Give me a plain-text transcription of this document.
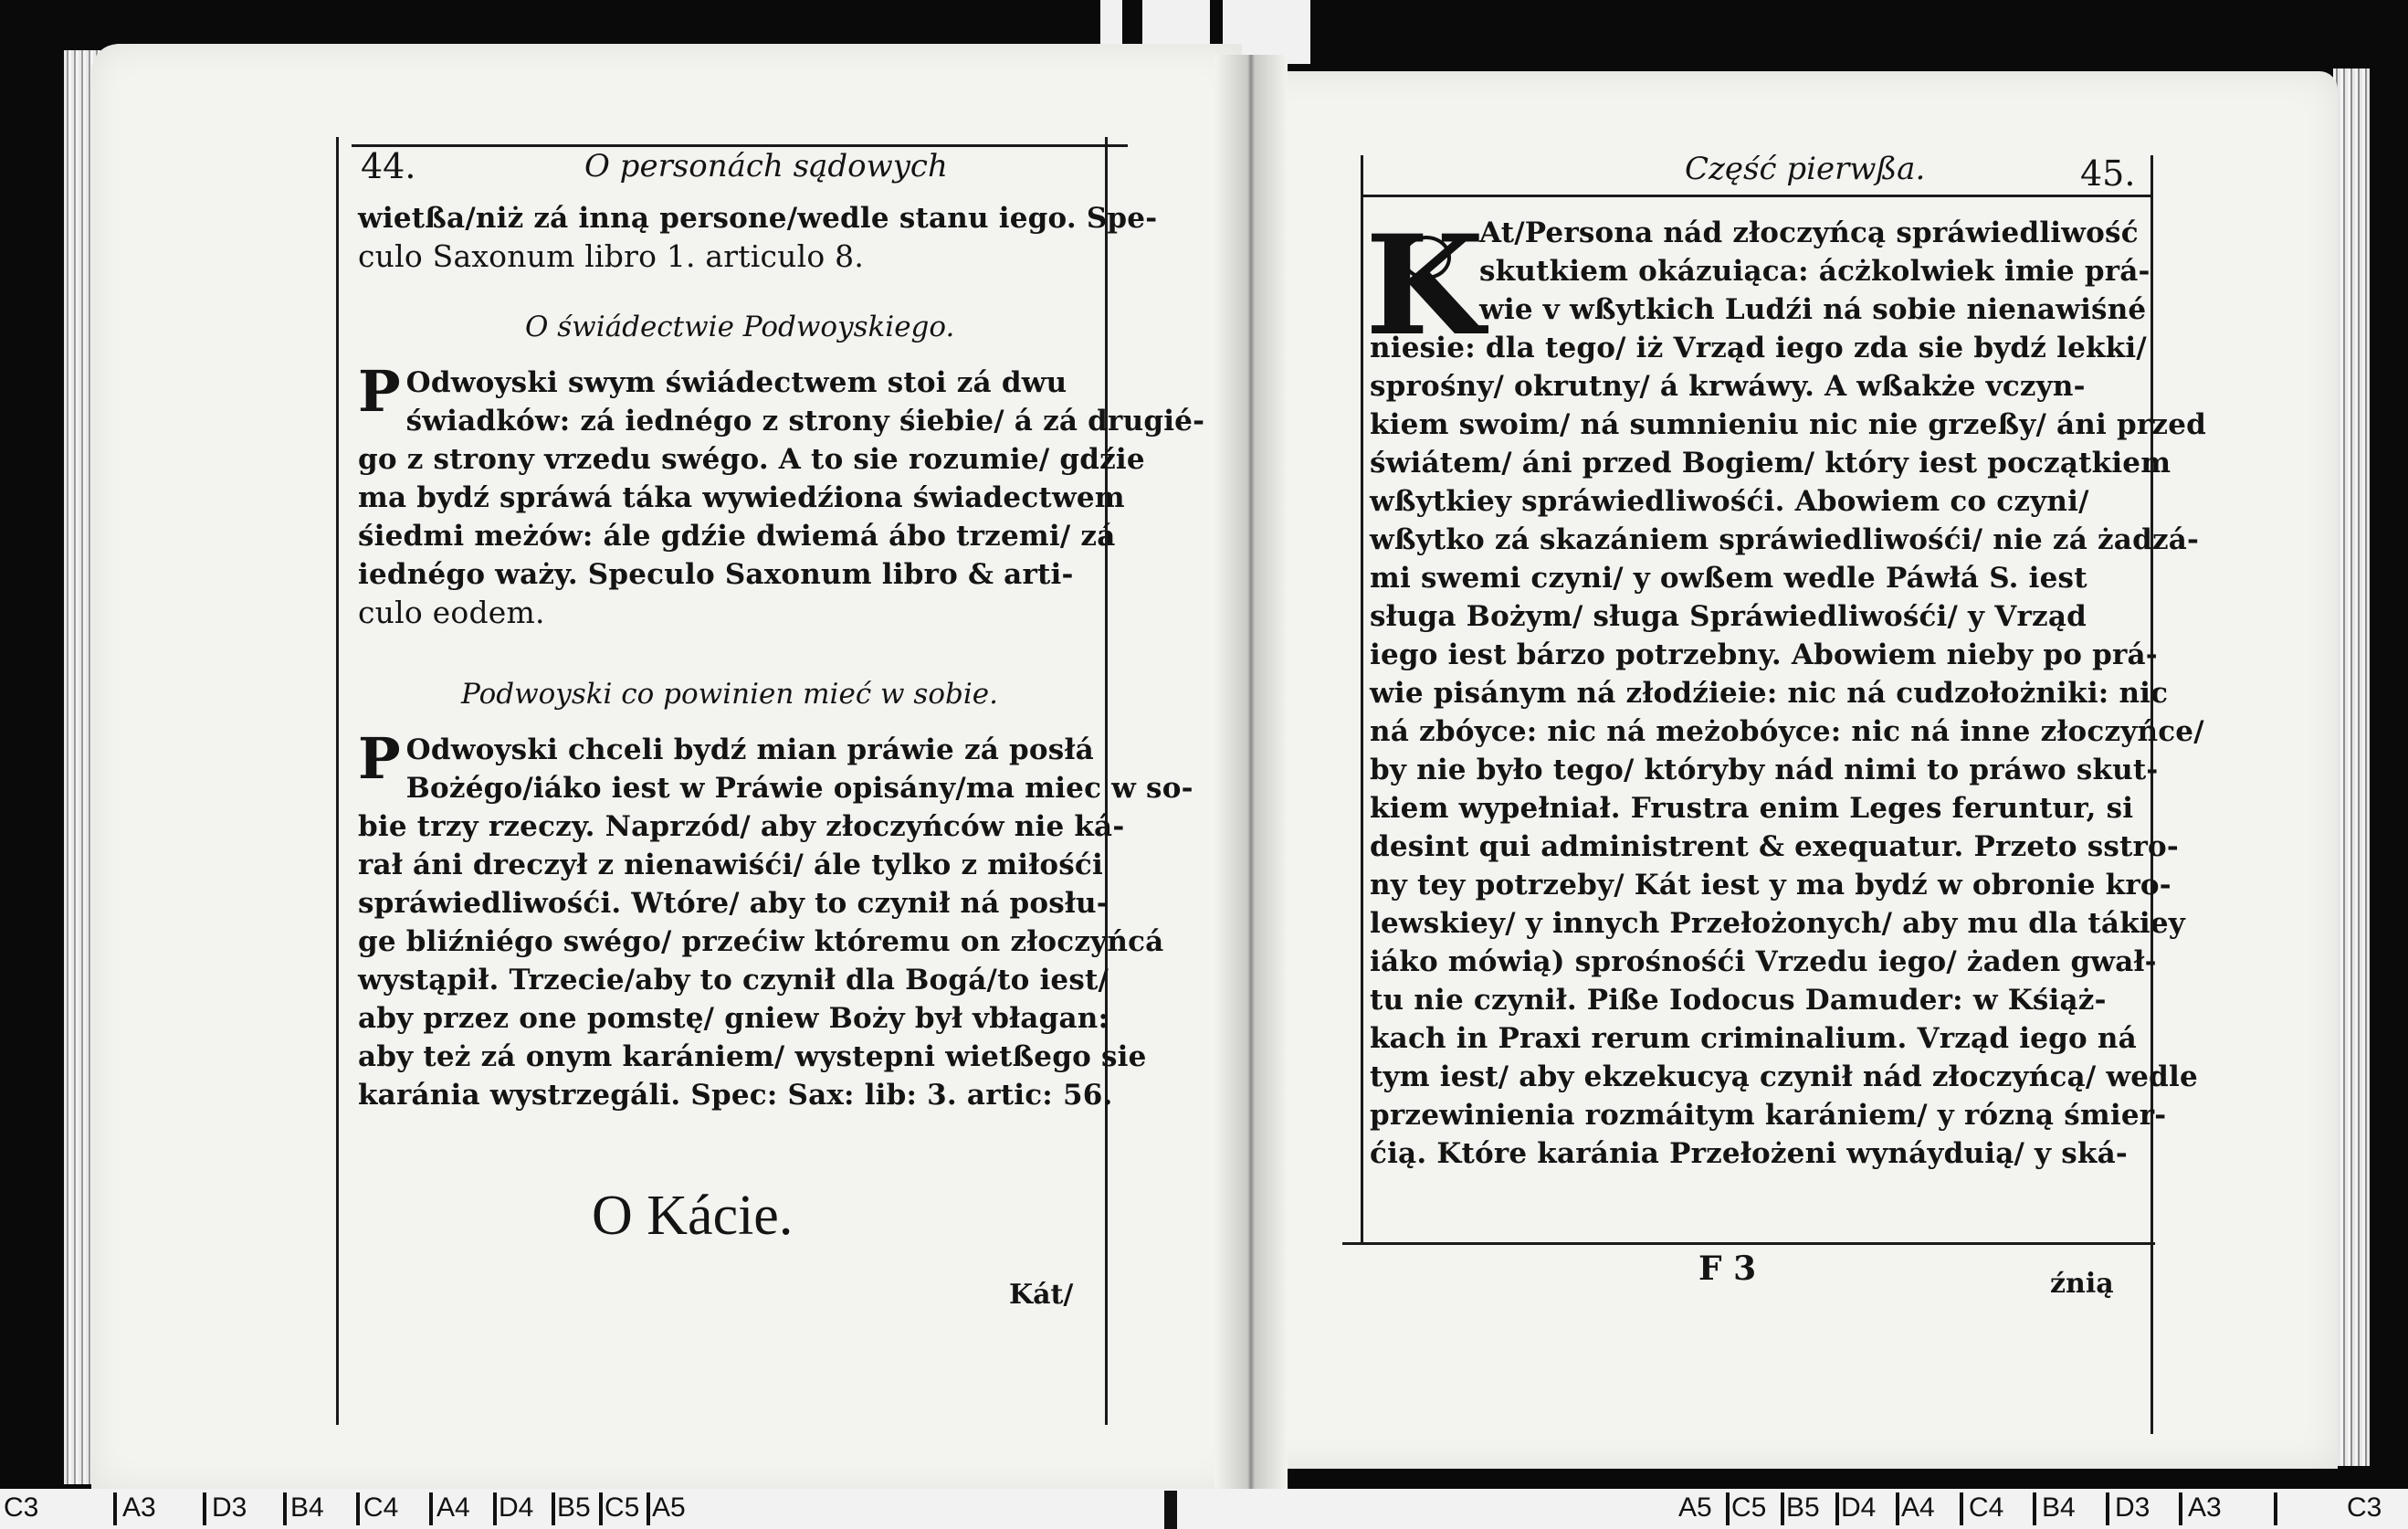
44.	O personách sądowych
wietßa/niż zá inną persone/wedle stanu iego. Spe-
culo Saxonum libro 1. articulo 8.
O świádectwie Podwoyskiego.
P Odwoyski swym świádectwem stoi zá dwu
świadków: zá iednégo z strony śiebie/ á zá drugié-
go z strony vrzedu swégo. A to sie rozumie/ gdźie
ma bydź spráwá táka wywiedźiona świadectwem
śiedmi meżów: ále gdźie dwiemá ábo trzemi/ zá
iednégo waży. Speculo Saxonum libro & arti-
culo eodem.
Podwoyski co powinien mieć w sobie.
P Odwoyski chceli bydź mian práwie zá posłá
Bożégo/iáko iest w Práwie opisány/ma miec w so-
bie trzy rzeczy. Naprzód/ aby złoczyńców nie ká-
rał áni dreczył z nienawiśći/ ále tylko z miłośći
spráwiedliwośći. Wtóre/ aby to czynił ná posłu-
ge bliźniégo swégo/ przećiw któremu on złoczyńcá
wystąpił. Trzecie/aby to czynił dla Bogá/to iest/
aby przez one pomstę/ gniew Boży był vbłagan:
aby też zá onym karániem/ wystepni wietßego sie
karánia wystrzegáli. Spec: Sax: lib: 3. artic: 56.
O Kácie.
Kát/
Część pierwßa.	45.
K
At/Persona nád złoczyńcą spráwiedliwość
skutkiem okázuiąca: ácżkolwiek imie prá-
wie v wßytkich Ludźi ná sobie nienawiśné
niesie: dla tego/ iż Vrząd iego zda sie bydź lekki/
sprośny/ okrutny/ á krwáwy. A wßakże vczyn-
kiem swoim/ ná sumnieniu nic nie grzeßy/ áni przed
świátem/ áni przed Bogiem/ który iest początkiem
wßytkiey spráwiedliwośći. Abowiem co czyni/
wßytko zá skazániem spráwiedliwośći/ nie zá żadzá-
mi swemi czyni/ y owßem wedle Páwłá S. iest
sługa Bożym/ sługa Spráwiedliwośći/ y Vrząd
iego iest bárzo potrzebny. Abowiem nieby po prá-
wie pisánym ná złodźieie: nic ná cudzołożniki: nic
ná zbóyce: nic ná meżobóyce: nic ná inne złoczyńce/
by nie było tego/ któryby nád nimi to práwo skut-
kiem wypełniał. Frustra enim Leges feruntur, si
desint qui administrent & exequatur. Przeto sstro-
ny tey potrzeby/ Kát iest y ma bydź w obronie kro-
lewskiey/ y innych Przełożonych/ aby mu dla tákiey
iáko mówią) sprośnośći Vrzedu iego/ żaden gwał-
tu nie czynił. Piße Iodocus Damuder: w Kśiąż-
kach in Praxi rerum criminalium. Vrząd iego ná
tym iest/ aby ekzekucyą czynił nád złoczyńcą/ wedle
przewinienia rozmáitym karániem/ y rózną śmier-
ćią. Które karánia Przełożeni wynáyduią/ y ská-
F 3	źnią
C3	A3 D3 B4 C4 A4 D4 B5 C5 A5	A5 C5 B5 D4 A4 C4 B4 D3 A3	C3
